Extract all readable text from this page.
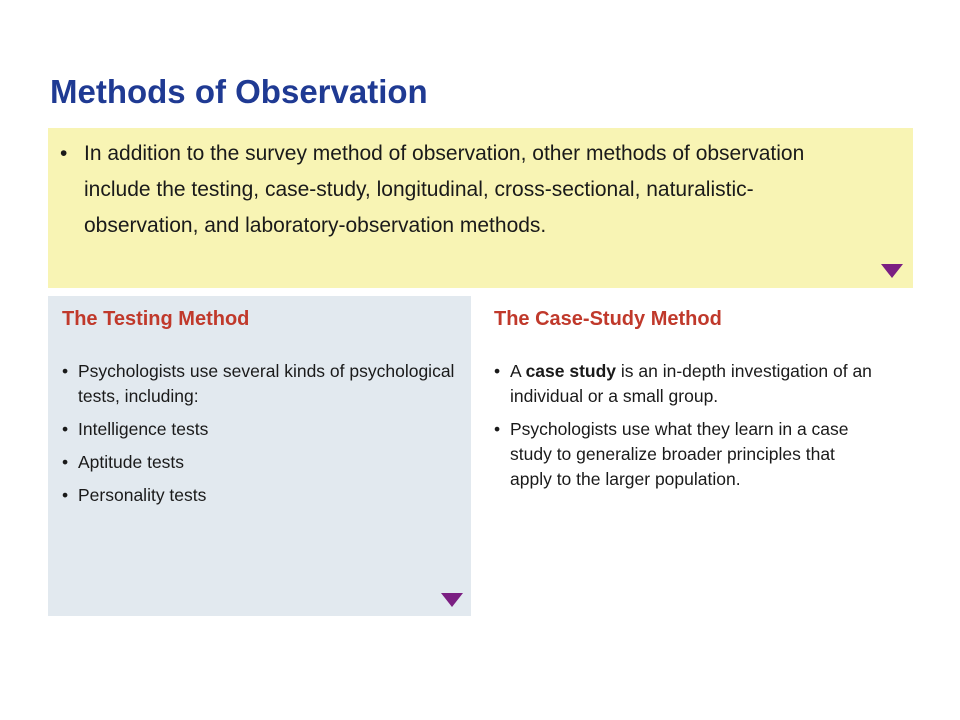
Methods of Observation
• In addition to the survey method of observation, other methods of observation include the testing, case-study, longitudinal, cross-sectional, naturalistic-observation, and laboratory-observation methods.
The Testing Method
• Psychologists use several kinds of psychological tests, including:
• Intelligence tests
• Aptitude tests
• Personality tests
The Case-Study Method
• A case study is an in-depth investigation of an individual or a small group.
• Psychologists use what they learn in a case study to generalize broader principles that apply to the larger population.
